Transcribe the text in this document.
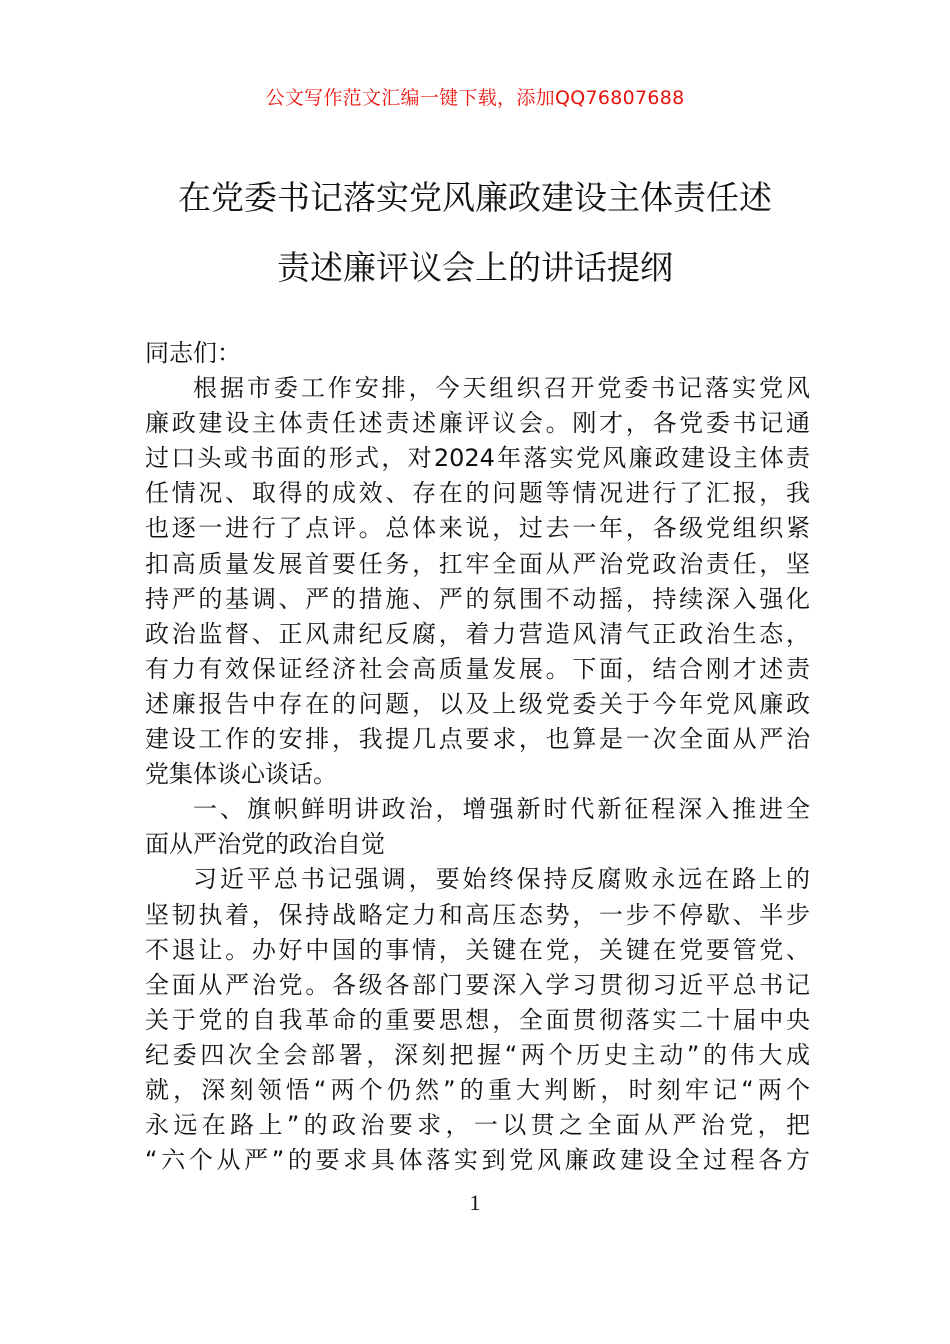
公文写作范文汇编一键下载，添加QQ76807688
在党委书记落实党风廉政建设主体责任述
责述廉评议会上的讲话提纲
同志们：
根据市委工作安排，今天组织召开党委书记落实党风
廉政建设主体责任述责述廉评议会。刚才，各党委书记通
过口头或书面的形式，对2024年落实党风廉政建设主体责
任情况、取得的成效、存在的问题等情况进行了汇报，我
也逐一进行了点评。总体来说，过去一年，各级党组织紧
扣高质量发展首要任务，扛牢全面从严治党政治责任，坚
持严的基调、严的措施、严的氛围不动摇，持续深入强化
政治监督、正风肃纪反腐，着力营造风清气正政治生态，
有力有效保证经济社会高质量发展。下面，结合刚才述责
述廉报告中存在的问题，以及上级党委关于今年党风廉政
建设工作的安排，我提几点要求，也算是一次全面从严治
党集体谈心谈话。
一、旗帜鲜明讲政治，增强新时代新征程深入推进全
面从严治党的政治自觉
习近平总书记强调，要始终保持反腐败永远在路上的
坚韧执着，保持战略定力和高压态势，一步不停歇、半步
不退让。办好中国的事情，关键在党，关键在党要管党、
全面从严治党。各级各部门要深入学习贯彻习近平总书记
关于党的自我革命的重要思想，全面贯彻落实二十届中央
纪委四次全会部署，深刻把握“两个历史主动”的伟大成
就，深刻领悟“两个仍然”的重大判断，时刻牢记“两个
永远在路上”的政治要求，一以贯之全面从严治党，把
“六个从严”的要求具体落实到党风廉政建设全过程各方
1
